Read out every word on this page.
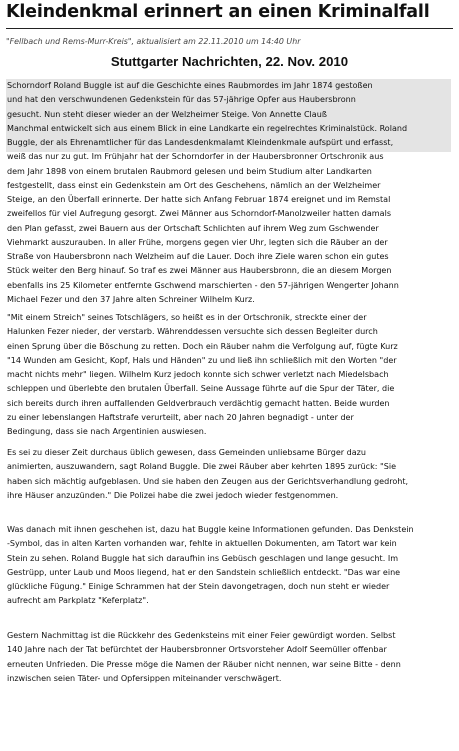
Kleindenkmal erinnert an einen Kriminalfall
"Fellbach und Rems-Murr-Kreis", aktualisiert am 22.11.2010 um 14:40 Uhr
Stuttgarter Nachrichten, 22. Nov. 2010
Schorndorf Roland Buggle ist auf die Geschichte eines Raubmordes im Jahr 1874 gestoßen
und hat den verschwundenen Gedenkstein für das 57-jährige Opfer aus Haubersbronn
gesucht. Nun steht dieser wieder an der Welzheimer Steige. Von Annette Clauß
Manchmal entwickelt sich aus einem Blick in eine Landkarte ein regelrechtes Kriminalstück. Roland
Buggle, der als Ehrenamtlicher für das Landesdenkmalamt Kleindenkmale aufspürt und erfasst,
weiß das nur zu gut. Im Frühjahr hat der Schorndorfer in der Haubersbronner Ortschronik aus
dem Jahr 1898 von einem brutalen Raubmord gelesen und beim Studium alter Landkarten
festgestellt, dass einst ein Gedenkstein am Ort des Geschehens, nämlich an der Welzheimer
Steige, an den Überfall erinnerte. Der hatte sich Anfang Februar 1874 ereignet und im Remstal
zweifellos für viel Aufregung gesorgt. Zwei Männer aus Schorndorf-Manolzweiler hatten damals
den Plan gefasst, zwei Bauern aus der Ortschaft Schlichten auf ihrem Weg zum Gschwender
Viehmarkt auszurauben. In aller Frühe, morgens gegen vier Uhr, legten sich die Räuber an der
Straße von Haubersbronn nach Welzheim auf die Lauer. Doch ihre Ziele waren schon ein gutes
Stück weiter den Berg hinauf. So traf es zwei Männer aus Haubersbronn, die an diesem Morgen
ebenfalls ins 25 Kilometer entfernte Gschwend marschierten - den 57-jährigen Wengerter Johann
Michael Fezer und den 37 Jahre alten Schreiner Wilhelm Kurz.
"Mit einem Streich" seines Totschlägers, so heißt es in der Ortschronik, streckte einer der
Halunken Fezer nieder, der verstarb. Währenddessen versuchte sich dessen Begleiter durch
einen Sprung über die Böschung zu retten. Doch ein Räuber nahm die Verfolgung auf, fügte Kurz
"14 Wunden am Gesicht, Kopf, Hals und Händen" zu und ließ ihn schließlich mit den Worten "der
macht nichts mehr" liegen. Wilhelm Kurz jedoch konnte sich schwer verletzt nach Miedelsbach
schleppen und überlebte den brutalen Überfall. Seine Aussage führte auf die Spur der Täter, die
sich bereits durch ihren auffallenden Geldverbrauch verdächtig gemacht hatten. Beide wurden
zu einer lebenslangen Haftstrafe verurteilt, aber nach 20 Jahren begnadigt - unter der
Bedingung, dass sie nach Argentinien auswiesen.
Es sei zu dieser Zeit durchaus üblich gewesen, dass Gemeinden unliebsame Bürger dazu
animierten, auszuwandern, sagt Roland Buggle. Die zwei Räuber aber kehrten 1895 zurück: "Sie
haben sich mächtig aufgeblasen. Und sie haben den Zeugen aus der Gerichtsverhandlung gedroht,
ihre Häuser anzuzünden." Die Polizei habe die zwei jedoch wieder festgenommen.
Was danach mit ihnen geschehen ist, dazu hat Buggle keine Informationen gefunden. Das Denkstein
-Symbol, das in alten Karten vorhanden war, fehlte in aktuellen Dokumenten, am Tatort war kein
Stein zu sehen. Roland Buggle hat sich daraufhin ins Gebüsch geschlagen und lange gesucht. Im
Gestrüpp, unter Laub und Moos liegend, hat er den Sandstein schließlich entdeckt. "Das war eine
glückliche Fügung." Einige Schrammen hat der Stein davongetragen, doch nun steht er wieder
aufrecht am Parkplatz "Keferplatz".
Gestern Nachmittag ist die Rückkehr des Gedenksteins mit einer Feier gewürdigt worden. Selbst
140 Jahre nach der Tat befürchtet der Haubersbronner Ortsvorsteher Adolf Seemüller offenbar
erneuten Unfrieden. Die Presse möge die Namen der Räuber nicht nennen, war seine Bitte - denn
inzwischen seien Täter- und Opfersippen miteinander verschwägert.
